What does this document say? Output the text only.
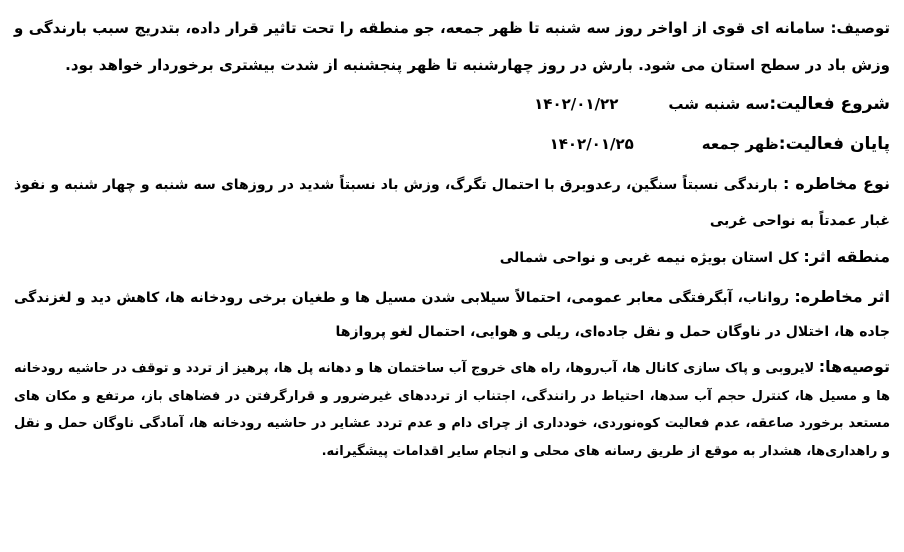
توصیف: سامانه ای قوی از اواخر روز سه شنبه تا ظهر جمعه، جو منطقه را تحت تاثیر قرار داده، بتدریج سبب بارندگی و وزش باد در سطح استان می شود. بارش در روز چهارشنبه تا ظهر پنجشنبه از شدت بیشتری برخوردار خواهد بود.

شروع فعالیت:
سه شنبه شب
۱۴۰۲/۰۱/۲۲
پایان فعالیت:
ظهر جمعه
۱۴۰۲/۰۱/۲۵

نوع مخاطره : بارندگی نسبتاً سنگین، رعدوبرق با احتمال تگرگ، وزش باد نسبتاً شدید در روزهای سه شنبه و چهار شنبه و نفوذ غبار عمدتاً به نواحی غربی

منطقه اثر: کل استان بویژه نیمه غربی و نواحی شمالی

اثر مخاطره: رواناب، آبگرفتگی معابر عمومی، احتمالاً سیلابی شدن مسیل ها و طغیان برخی رودخانه ها، کاهش دید و لغزندگی جاده ها، اختلال در ناوگان حمل و نقل جاده‌ای، ریلی و هوایی، احتمال لغو پروازها

توصیه‌ها: لایروبی و پاک سازی کانال ها، آب‌روها، راه های خروج آب ساختمان ها و دهانه پل ها، پرهیز از تردد و توقف در حاشیه رودخانه ها و مسیل ها، کنترل حجم آب سدها، احتیاط در رانندگی، اجتناب از ترددهای غیرضرور و قرارگرفتن در فضاهای باز، مرتفع و مکان های مستعد برخورد صاعقه، عدم فعالیت کوه‌نوردی، خودداری از چرای دام و عدم تردد عشایر در حاشیه رودخانه ها، آمادگی ناوگان حمل و نقل و راهداری‌ها، هشدار به موقع از طریق رسانه های محلی و انجام سایر اقدامات پیشگیرانه.
